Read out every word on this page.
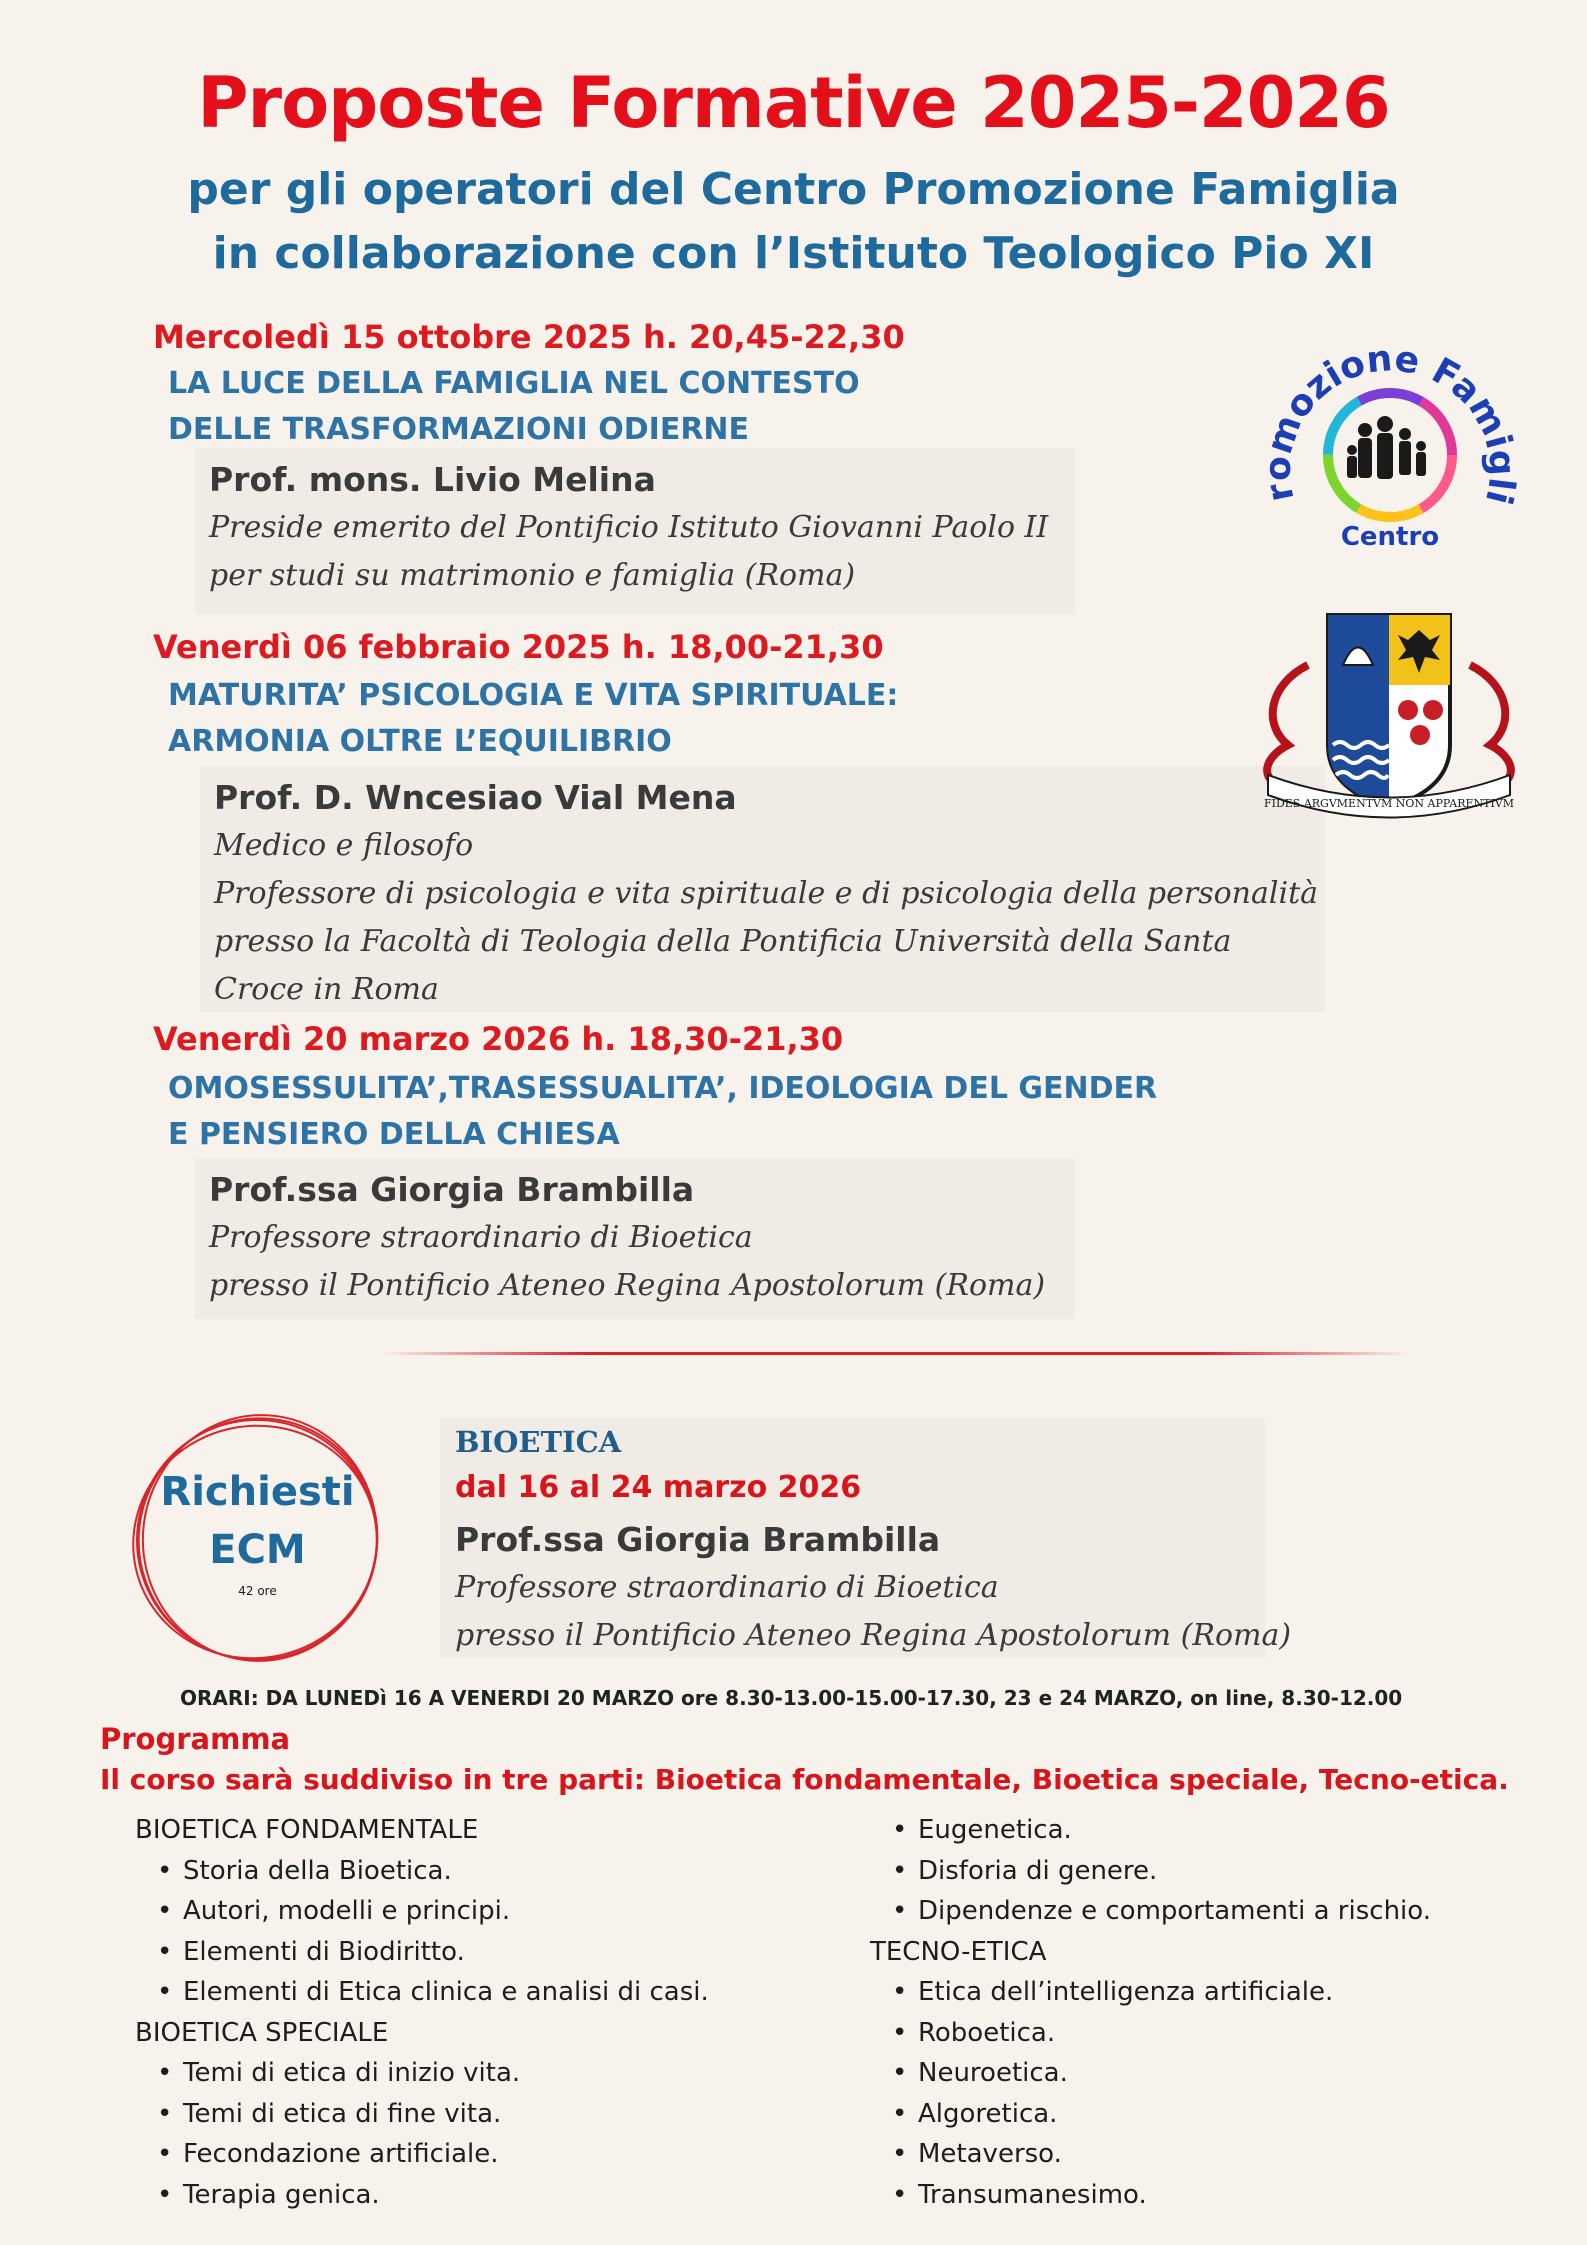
Proposte Formative 2025-2026
per gli operatori del Centro Promozione Famiglia
in collaborazione con l’Istituto Teologico Pio XI
Mercoledì 15 ottobre 2025 h. 20,45-22,30
LA LUCE DELLA FAMIGLIA NEL CONTESTO
DELLE TRASFORMAZIONI ODIERNE
Prof. mons. Livio Melina
Preside emerito del Pontificio Istituto Giovanni Paolo II
per studi su matrimonio e famiglia (Roma)
Venerdì 06 febbraio 2025 h. 18,00-21,30
MATURITA’ PSICOLOGIA E VITA SPIRITUALE:
ARMONIA OLTRE L’EQUILIBRIO
Prof. D. Wncesiao Vial Mena
Medico e filosofo
Professore di psicologia e vita spirituale e di psicologia della personalità
presso la Facoltà di Teologia della Pontificia Università della Santa
Croce in Roma
Venerdì 20 marzo 2026 h. 18,30-21,30
OMOSESSULITA’,TRASESSUALITA’, IDEOLOGIA DEL GENDER
E PENSIERO DELLA CHIESA
Prof.ssa Giorgia Brambilla
Professore straordinario di Bioetica
presso il Pontificio Ateneo Regina Apostolorum (Roma)
romozione Famigli
Centro
FIDES ARGVMENTVM NON APPARENTIVM
Richiesti
ECM
42 ore
BIOETICA
dal 16 al 24 marzo 2026
Prof.ssa Giorgia Brambilla
Professore straordinario di Bioetica
presso il Pontificio Ateneo Regina Apostolorum (Roma)
ORARI: DA LUNEDì 16 A VENERDI 20 MARZO ore 8.30-13.00-15.00-17.30, 23 e 24 MARZO, on line, 8.30-12.00
Programma
Il corso sarà suddiviso in tre parti: Bioetica fondamentale, Bioetica speciale, Tecno-etica.
BIOETICA FONDAMENTALE
• Storia della Bioetica.
• Autori, modelli e principi.
• Elementi di Biodiritto.
• Elementi di Etica clinica e analisi di casi.
BIOETICA SPECIALE
• Temi di etica di inizio vita.
• Temi di etica di fine vita.
• Fecondazione artificiale.
• Terapia genica.
• Eugenetica.
• Disforia di genere.
• Dipendenze e comportamenti a rischio.
TECNO-ETICA
• Etica dell’intelligenza artificiale.
• Roboetica.
• Neuroetica.
• Algoretica.
• Metaverso.
• Transumanesimo.
